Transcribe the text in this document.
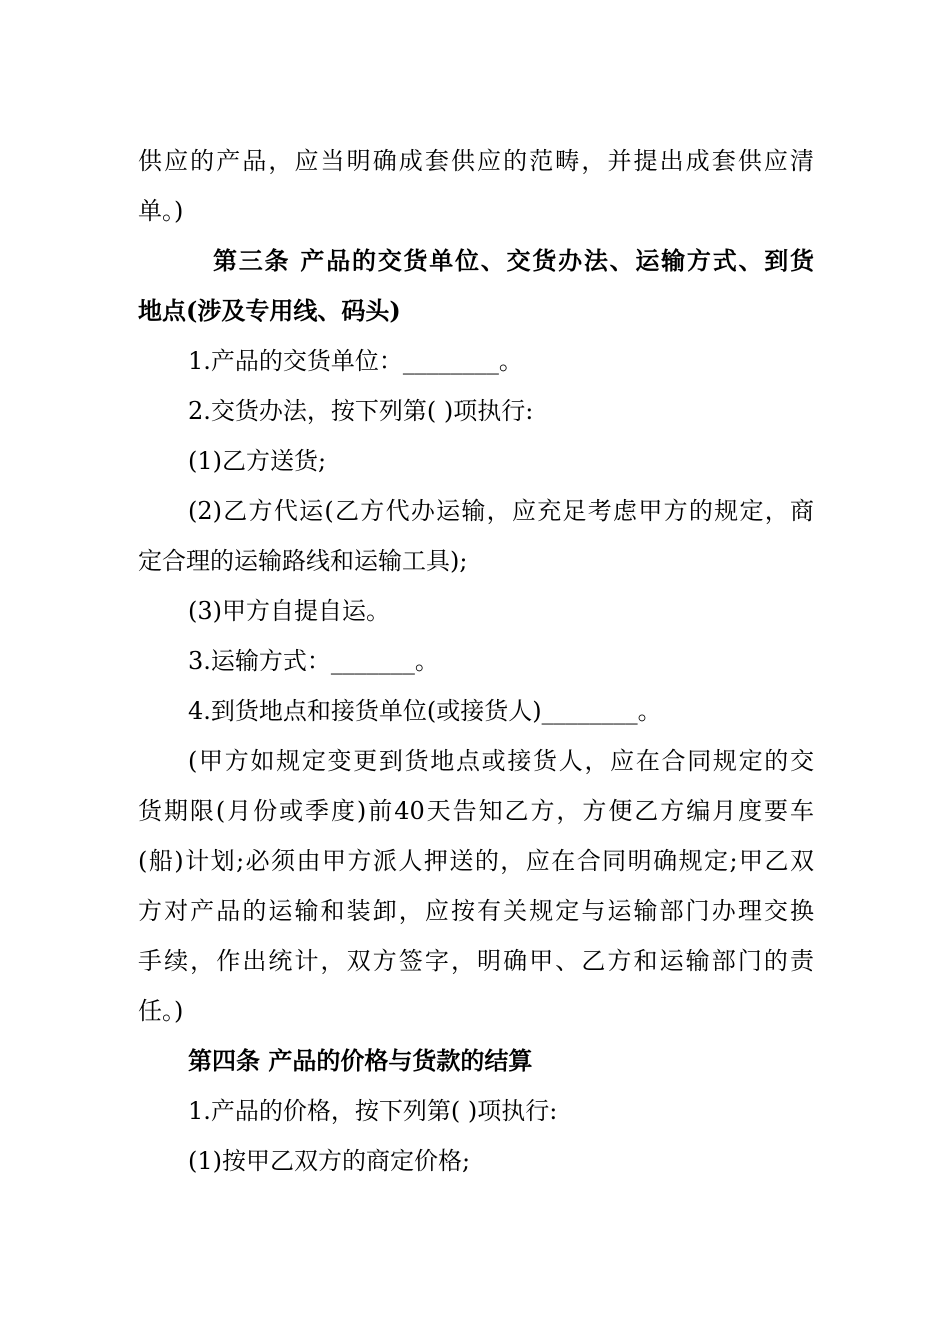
供应的产品，应当明确成套供应的范畴，并提出成套供应清
单。)
第三条 产品的交货单位、交货办法、运输方式、到货
地点(涉及专用线、码头)
1.产品的交货单位：________。
2.交货办法，按下列第( )项执行:
(1)乙方送货;
(2)乙方代运(乙方代办运输，应充足考虑甲方的规定，商
定合理的运输路线和运输工具);
(3)甲方自提自运。
3.运输方式：_______。
4.到货地点和接货单位(或接货人)________。
(甲方如规定变更到货地点或接货人，应在合同规定的交
货期限(月份或季度)前40天告知乙方，方便乙方编月度要车
(船)计划;必须由甲方派人押送的，应在合同明确规定;甲乙双
方对产品的运输和装卸，应按有关规定与运输部门办理交换
手续，作出统计，双方签字，明确甲、乙方和运输部门的责
任。)
第四条 产品的价格与货款的结算
1.产品的价格，按下列第( )项执行:
(1)按甲乙双方的商定价格;
